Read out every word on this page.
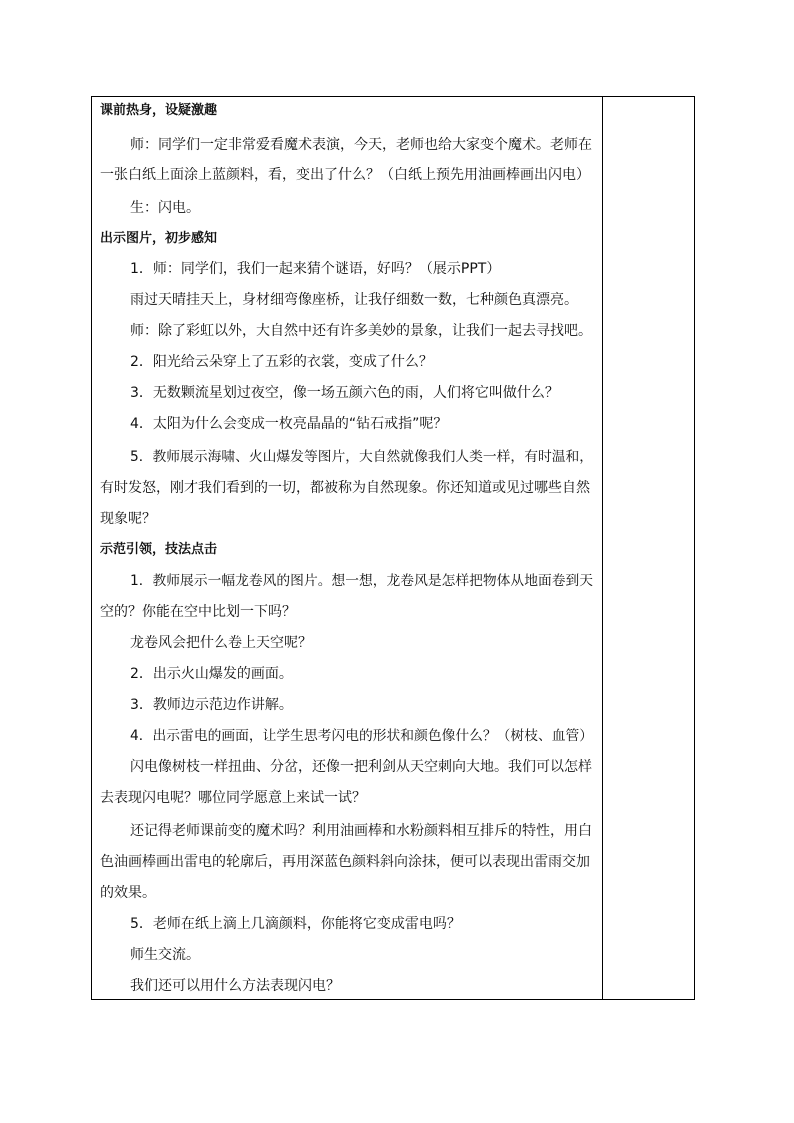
课前热身，设疑激趣
师：同学们一定非常爱看魔术表演，今天，老师也给大家变个魔术。老师在
一张白纸上面涂上蓝颜料，看，变出了什么？（白纸上预先用油画棒画出闪电）
生：闪电。
出示图片，初步感知
1．师：同学们，我们一起来猜个谜语，好吗？（展示PPT）
雨过天晴挂天上，身材细弯像座桥，让我仔细数一数，七种颜色真漂亮。
师：除了彩虹以外，大自然中还有许多美妙的景象，让我们一起去寻找吧。
2．阳光给云朵穿上了五彩的衣裳，变成了什么？
3．无数颗流星划过夜空，像一场五颜六色的雨，人们将它叫做什么？
4．太阳为什么会变成一枚亮晶晶的“钻石戒指”呢？
5．教师展示海啸、火山爆发等图片，大自然就像我们人类一样，有时温和，
有时发怒，刚才我们看到的一切，都被称为自然现象。你还知道或见过哪些自然
现象呢？
示范引领，技法点击
1．教师展示一幅龙卷风的图片。想一想，龙卷风是怎样把物体从地面卷到天
空的？你能在空中比划一下吗？
龙卷风会把什么卷上天空呢？
2．出示火山爆发的画面。
3．教师边示范边作讲解。
4．出示雷电的画面，让学生思考闪电的形状和颜色像什么？（树枝、血管）
闪电像树枝一样扭曲、分岔，还像一把利剑从天空刺向大地。我们可以怎样
去表现闪电呢？哪位同学愿意上来试一试？
还记得老师课前变的魔术吗？利用油画棒和水粉颜料相互排斥的特性，用白
色油画棒画出雷电的轮廓后，再用深蓝色颜料斜向涂抹，便可以表现出雷雨交加
的效果。
5．老师在纸上滴上几滴颜料，你能将它变成雷电吗？
师生交流。
我们还可以用什么方法表现闪电？
